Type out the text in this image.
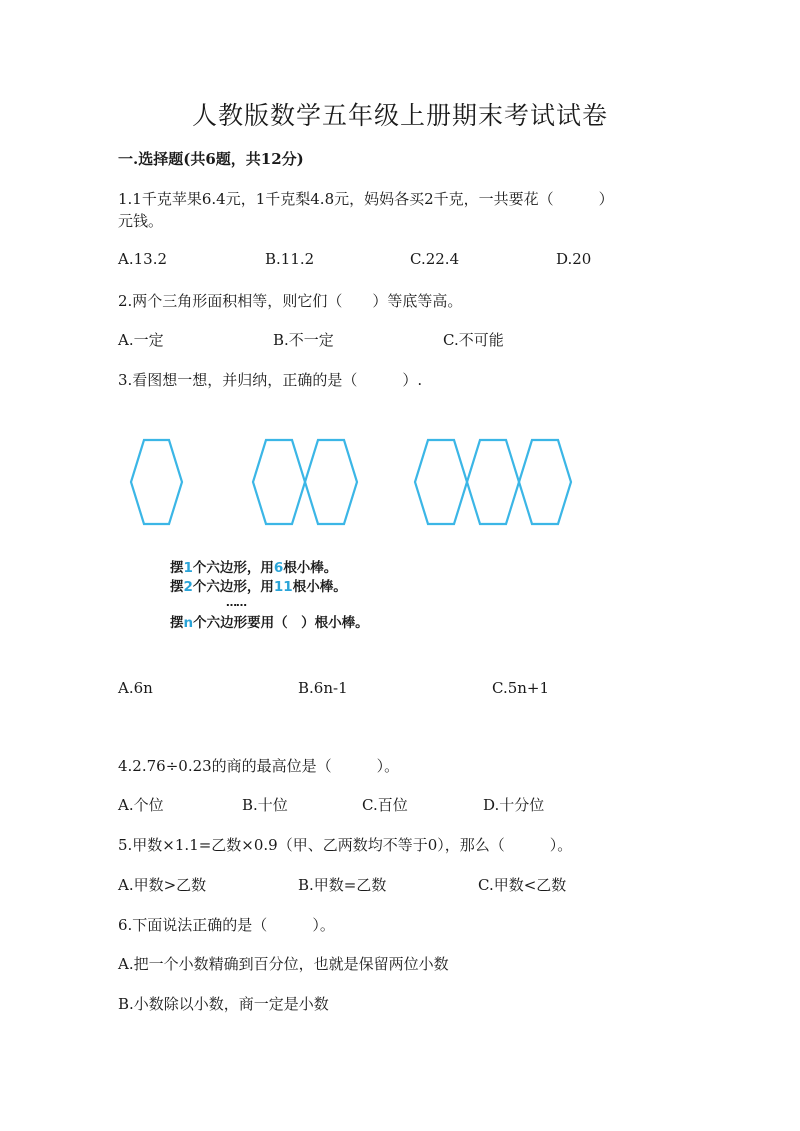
人教版数学五年级上册期末考试试卷
一.选择题(共6题，共12分)
1.1千克苹果6.4元，1千克梨4.8元，妈妈各买2千克，一共要花（　　　）
元钱。
A.13.2	B.11.2	C.22.4	D.20
2.两个三角形面积相等，则它们（　　）等底等高。
A.一定	B.不一定	C.不可能
3.看图想一想，并归纳，正确的是（　　　）.
摆1个六边形，用6根小棒。
摆2个六边形，用11根小棒。
……
摆n个六边形要用（　）根小棒。
A.6n	B.6n-1	C.5n+1
4.2.76÷0.23的商的最高位是（　　　）。
A.个位	B.十位	C.百位	D.十分位
5.甲数×1.1=乙数×0.9（甲、乙两数均不等于0），那么（　　　）。
A.甲数>乙数	B.甲数=乙数	C.甲数<乙数
6.下面说法正确的是（　　　）。
A.把一个小数精确到百分位，也就是保留两位小数
B.小数除以小数，商一定是小数
